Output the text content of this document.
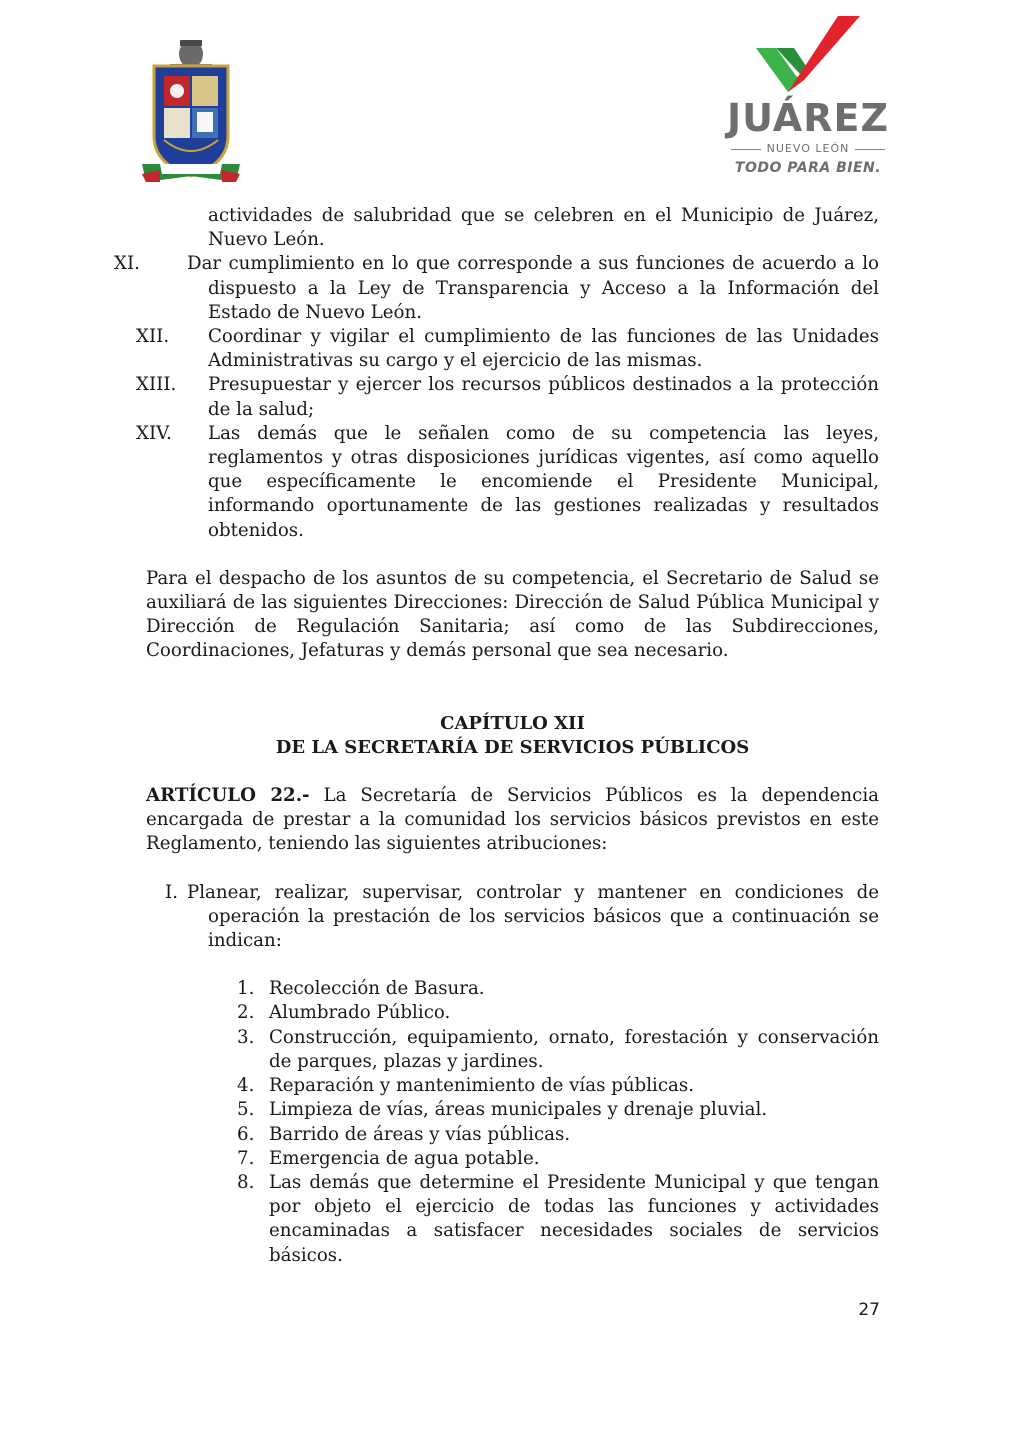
JUÁREZ
NUEVO LEÓN
TODO PARA BIEN.
actividades de salubridad que se celebren en el Municipio de Juárez, Nuevo León.
XI.	Dar cumplimiento en lo que corresponde a sus funciones de acuerdo a lo dispuesto a la Ley de Transparencia y Acceso a la Información del Estado de Nuevo León.
XII.	Coordinar y vigilar el cumplimiento de las funciones de las Unidades Administrativas su cargo y el ejercicio de las mismas.
XIII. Presupuestar y ejercer los recursos públicos destinados a la protección de la salud;
XIV.	Las demás que le señalen como de su competencia las leyes, reglamentos y otras disposiciones jurídicas vigentes, así como aquello que específicamente le encomiende el Presidente Municipal, informando oportunamente de las gestiones realizadas y resultados obtenidos.
Para el despacho de los asuntos de su competencia, el Secretario de Salud se auxiliará de las siguientes Direcciones: Dirección de Salud Pública Municipal y Dirección de Regulación Sanitaria; así como de las Subdirecciones, Coordinaciones, Jefaturas y demás personal que sea necesario.
CAPÍTULO XII
DE LA SECRETARÍA DE SERVICIOS PÚBLICOS
ARTÍCULO 22.- La Secretaría de Servicios Públicos es la dependencia encargada de prestar a la comunidad los servicios básicos previstos en este Reglamento, teniendo las siguientes atribuciones:
I. Planear, realizar, supervisar, controlar y mantener en condiciones de operación la prestación de los servicios básicos que a continuación se indican:
1. Recolección de Basura.
2. Alumbrado Público.
3. Construcción, equipamiento, ornato, forestación y conservación de parques, plazas y jardines.
4. Reparación y mantenimiento de vías públicas.
5. Limpieza de vías, áreas municipales y drenaje pluvial.
6. Barrido de áreas y vías públicas.
7. Emergencia de agua potable.
8. Las demás que determine el Presidente Municipal y que tengan por objeto el ejercicio de todas las funciones y actividades encaminadas a satisfacer necesidades sociales de servicios básicos.
27
